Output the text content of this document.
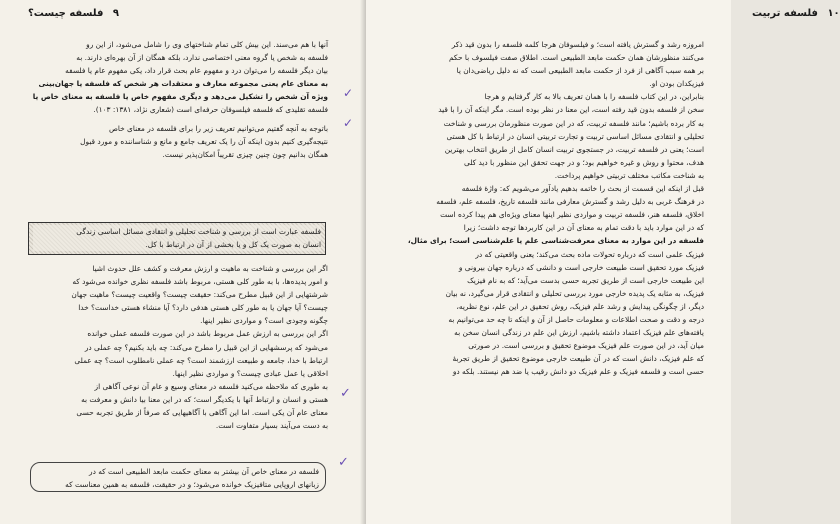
۹ فلسفه چیست؟
آنها با هم می‌سند. این بیش کلی تمام شناختهای وی را شامل می‌شود، از این رو
فلسفه به شخص یا گروه معنی اختصاصی ندارد، بلکه همگان از آن بهره‌ای دارند. به
بیان دیگر فلسفه را می‌توان درد و مفهوم عام بحث قرار داد، یکی مفهوم عام یا فلسفه
به معنای عام یعنی مجموعه معارف و معتقدات هر شخص که فلسفه یا جهان‌بینی
ویژه آن شخص را تشکیل می‌دهد و دیگری مفهوم خاص یا فلسفه به معنای خاص یا
فلسفه تقلیدی که فلسفه فیلسوفان حرفه‌ای است (شعاری نژاد، ۱۳۸۱: ۱۰۳).
باتوجه به آنچه گفتیم می‌توانیم تعریف زیر را برای فلسفه در معنای خاص
نتیجه‌گیری کنیم بدون اینکه آن را یک تعریف جامع و مانع و شناساننده و مورد قبول
همگان بدانیم چون چنین چیزی تقریباً امکان‌پذیر نیست.
فلسفه عبارت است از بررسی و شناخت تحلیلی و انتقادی مسائل اساسی زندگی
انسان به صورت یک کل و یا بخشی از آن در ارتباط با کل.
اگر این بررسی و شناخت به ماهیت و ارزش معرفت و کشف علل حدوث اشیا
و امور پدیده‌ها، با به طور کلی هستی، مربوط باشد فلسفه نظری خوانده می‌شود که
شرشتهایی از این قبیل مطرح می‌کند: حقیقت چیست؟ واقعیت چیست؟ ماهیت جهان
چیست؟ آیا جهان یا به طور کلی هستی هدفی دارد؟ آیا منشاء هستی خداست؟ خدا
چگونه وجودی است؟ و مواردی نظیر اینها.
اگر این بررسی به ارزش عمل مربوط باشد در این صورت فلسفه عملی خوانده
می‌شود که پرسشهایی از این قبیل را مطرح می‌کند: چه باید بکنیم؟ چه عملی در
ارتباط با خدا، جامعه و طبیعت ارزشمند است؟ چه عملی نامطلوب است؟ چه عملی
اخلاقی یا عمل عبادی چیست؟ و مواردی نظیر اینها.
به طوری که ملاحظه می‌کنید فلسفه در معنای وسیع و عام آن نوعی آگاهی از
هستی و انسان و ارتباط آنها با یکدیگر است؛ که در این معنا بیا دانش و معرفت به
معنای عام آن یکی است. اما این آگاهی با آگاهیهایی که صرفاً از طریق تجربه حسی
به دست می‌آیند بسیار متفاوت است.
فلسفه در معنای خاص آن بیشتر به معنای حکمت مابعد الطبیعی است که در
زبانهای اروپایی متافیزیک خوانده می‌شود؛ و در حقیقت، فلسفه به همین معناست که
✓
✓
✓
✓
۱۰ فلسفه تربیت
امروزه رشد و گسترش یافته است؛ و فیلسوفان هرجا کلمه فلسفه را بدون قید ذکر
می‌کنند منظورشان همان حکمت مابعد الطبیعی است. اطلاق صفت فیلسوف با حکم
بر همه سبب آگاهی از فرد از حکمت مابعد الطبیعی است که نه دلیل ریاضی‌دان یا
فیزیکدان بودن او.
بنابراین، در این کتاب فلسفه را با همان تعریف بالا به کار گرفتایم و هرجا
سخن از فلسفه بدون قید رفته است، این معنا در نظر بوده است. مگر اینکه آن را با قید
به کار برده باشیم؛ مانند فلسفه تربیت، که در این صورت منظورمان بررسی و شناخت
تحلیلی و انتقادی مسائل اساسی تربیت و تجارت تربیتی انسان در ارتباط با کل هستی
است؛ یعنی در فلسفه تربیت، در جستجوی تربیت انسان کامل از طریق انتخاب بهترین
هدف، محتوا و روش و غیره خواهیم بود؛ و در جهت تحقق این منظور با دید کلی
به شناخت مکاتب مختلف تربیتی خواهیم پرداخت.
قبل از اینکه این قسمت از بحث را خاتمه بدهیم یادآور می‌شویم که: واژهٔ فلسفه
در فرهنگ غربی به دلیل رشد و گسترش معارفی مانند فلسفه تاریخ، فلسفه علم، فلسفه
اخلاق، فلسفه هنر، فلسفه تربیت و مواردی نظیر اینها معنای ویژه‌ای هم پیدا کرده است
که در این موارد باید با دقت تمام به معنای آن در این کاربردها توجه داشت؛ زیرا
فلسفه در این موارد به معنای معرفت‌شناسی علم یا علم‌شناسی است؛ برای مثال،
فیزیک علمی است که درباره تحولات ماده بحث می‌کند؛ یعنی واقعیتی که در
فیزیک مورد تحقیق است طبیعت خارجی است و دانشی که درباره جهان بیرونی و
این طبیعت خارجی است از طریق تجربه حسی بدست می‌آید؛ که به نام فیزیک
فیزیک، به مثابه یک پدیده خارجی مورد بررسی تحلیلی و انتقادی قرار می‌گیرد، نه بیان
دیگر، از چگونگی پیدایش و رشد علم فیزیک، روش تحقیق در این علم، نوع نظریه،
درجه و دقت و صحت اطلاعات و معلومات حاصل از آن و اینکه تا چه حد می‌توانیم به
یافته‌های علم فیزیک اعتماد داشته باشیم، ارزش این علم در زندگی انسان سخن به
میان آید، در این صورت علم فیزیک موضوع تحقیق و بررسی است. در صورتی
که علم فیزیک، دانش است که در آن طبیعت خارجی موضوع تحقیق از طریق تجربهٔ
حسی است و فلسفه فیزیک و علم فیزیک دو دانش رقیب یا ضد هم نیستند. بلکه دو
